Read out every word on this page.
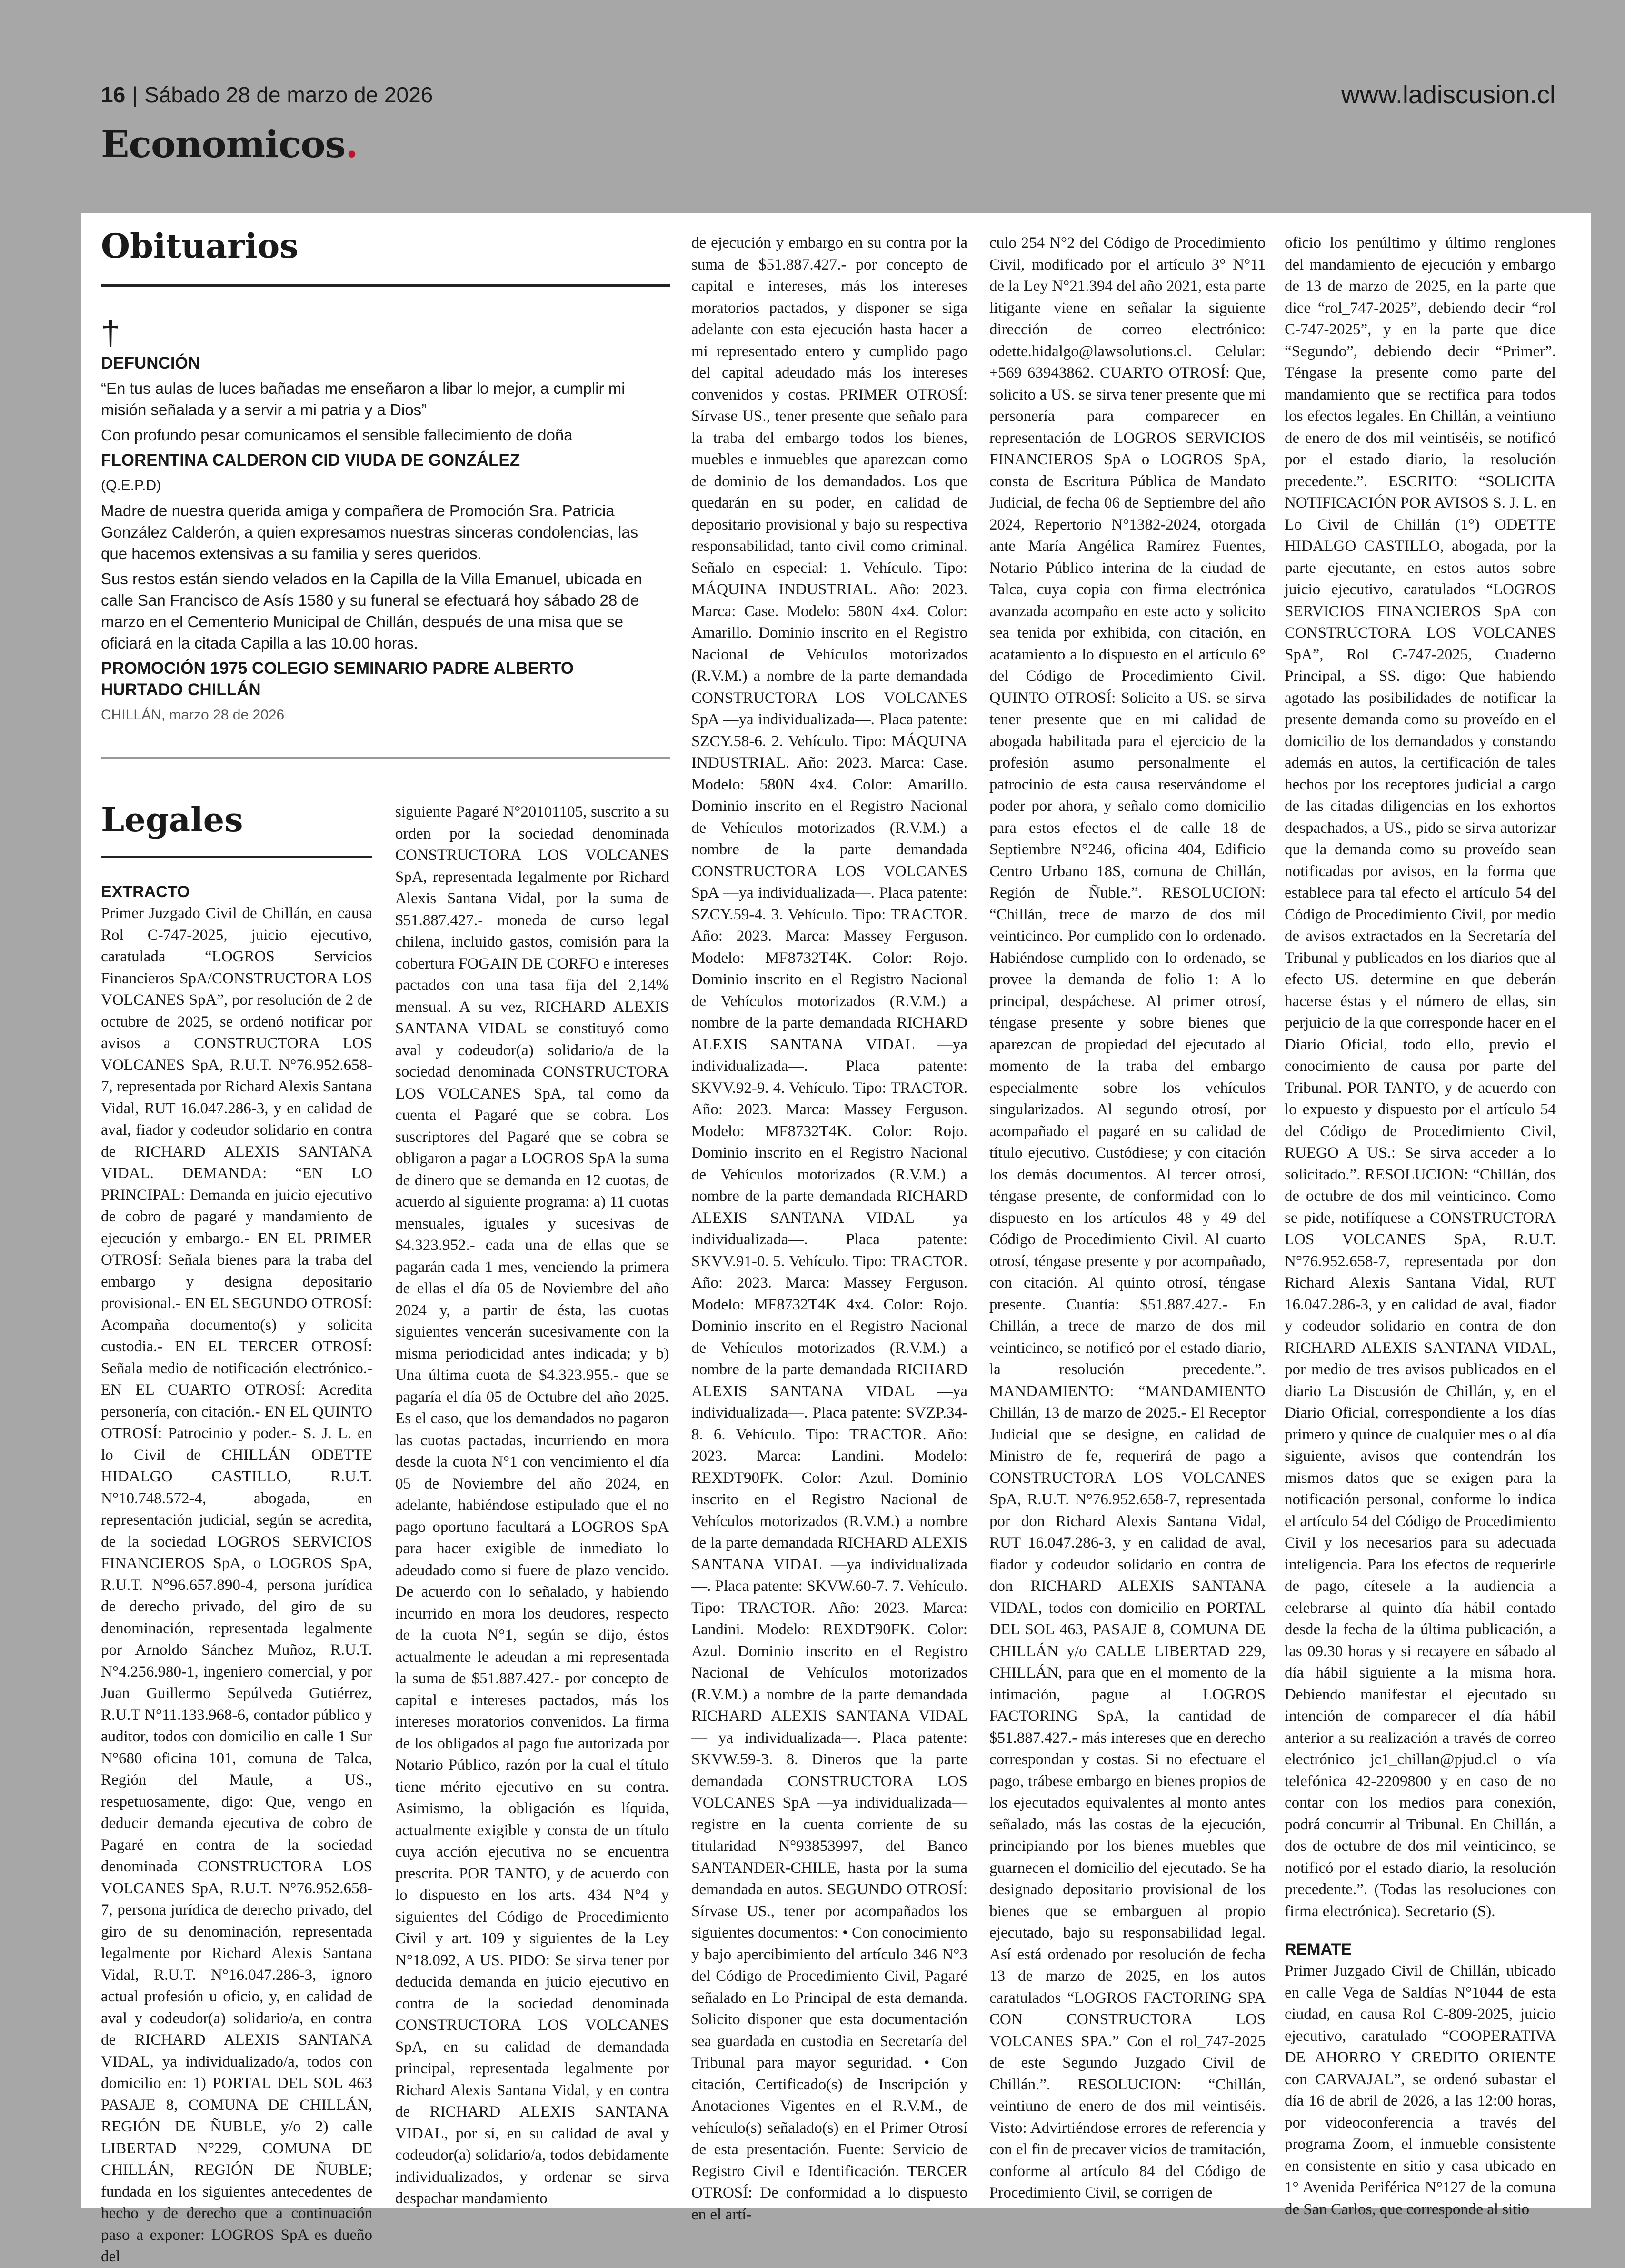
16 | Sábado 28 de marzo de 2026	www.ladiscusion.cl
Economicos.
Obituarios
†

DEFUNCIÓN

“En tus aulas de luces bañadas me enseñaron a libar lo mejor, a cumplir mi misión señalada y a servir a mi patria y a Dios”

Con profundo pesar comunicamos el sensible fallecimiento de doña

FLORENTINA CALDERON CID VIUDA DE GONZÁLEZ

(Q.E.P.D)

Madre de nuestra querida amiga y compañera de Promoción Sra. Patricia González Calderón, a quien expresamos nuestras sinceras condolencias, las que hacemos extensivas a su familia y seres queridos.

Sus restos están siendo velados en la Capilla de la Villa Emanuel, ubicada en calle San Francisco de Asís 1580 y su funeral se efectuará hoy sábado 28 de marzo en el Cementerio Municipal de Chillán, después de una misa que se oficiará en la citada Capilla a las 10.00 horas.

PROMOCIÓN 1975 COLEGIO SEMINARIO PADRE ALBERTO HURTADO CHILLÁN

CHILLÁN, marzo 28 de 2026

Legales

EXTRACTO

Primer Juzgado Civil de Chillán, en causa Rol C-747-2025, juicio ejecutivo, caratulada “LOGROS Servicios Financieros SpA/CONSTRUCTORA LOS VOLCANES SpA”, por resolución de 2 de octubre de 2025, se ordenó notificar por avisos a CONSTRUCTORA LOS VOLCANES SpA, R.U.T. N°76.952.658-7, representada por Richard Alexis Santana Vidal, RUT 16.047.286-3, y en calidad de aval, fiador y codeudor solidario en contra de RICHARD ALEXIS SANTANA VIDAL. DEMANDA: “EN LO PRINCIPAL: Demanda en juicio ejecutivo de cobro de pagaré y mandamiento de ejecución y embargo.- EN EL PRIMER OTROSÍ: Señala bienes para la traba del embargo y designa depositario provisional.- EN EL SEGUNDO OTROSÍ: Acompaña documento(s) y solicita custodia.- EN EL TERCER OTROSÍ: Señala medio de notificación electrónico.- EN EL CUARTO OTROSÍ: Acredita personería, con citación.- EN EL QUINTO OTROSÍ: Patrocinio y poder.- S. J. L. en lo Civil de CHILLÁN ODETTE HIDALGO CASTILLO, R.U.T. N°10.748.572-4, abogada, en representación judicial, según se acredita, de la sociedad LOGROS SERVICIOS FINANCIEROS SpA, o LOGROS SpA, R.U.T. N°96.657.890-4, persona jurídica de derecho privado, del giro de su denominación, representada legalmente por Arnoldo Sánchez Muñoz, R.U.T. N°4.256.980-1, ingeniero comercial, y por Juan Guillermo Sepúlveda Gutiérrez, R.U.T N°11.133.968-6, contador público y auditor, todos con domicilio en calle 1 Sur N°680 oficina 101, comuna de Talca, Región del Maule, a US., respetuosamente, digo: Que, vengo en deducir demanda ejecutiva de cobro de Pagaré en contra de la sociedad denominada CONSTRUCTORA LOS VOLCANES SpA, R.U.T. N°76.952.658-7, persona jurídica de derecho privado, del giro de su denominación, representada legalmente por Richard Alexis Santana Vidal, R.U.T. N°16.047.286-3, ignoro actual profesión u oficio, y, en calidad de aval y codeudor(a) solidario/a, en contra de RICHARD ALEXIS SANTANA VIDAL, ya individualizado/a, todos con domicilio en: 1) PORTAL DEL SOL 463 PASAJE 8, COMUNA DE CHILLÁN, REGIÓN DE ÑUBLE, y/o 2) calle LIBERTAD N°229, COMUNA DE CHILLÁN, REGIÓN DE ÑUBLE; fundada en los siguientes antecedentes de hecho y de derecho que a continuación paso a exponer: LOGROS SpA es dueño del

siguiente Pagaré N°20101105, suscrito a su orden por la sociedad denominada CONSTRUCTORA LOS VOLCANES SpA, representada legalmente por Richard Alexis Santana Vidal, por la suma de $51.887.427.- moneda de curso legal chilena, incluido gastos, comisión para la cobertura FOGAIN DE CORFO e intereses pactados con una tasa fija del 2,14% mensual. A su vez, RICHARD ALEXIS SANTANA VIDAL se constituyó como aval y codeudor(a) solidario/a de la sociedad denominada CONSTRUCTORA LOS VOLCANES SpA, tal como da cuenta el Pagaré que se cobra. Los suscriptores del Pagaré que se cobra se obligaron a pagar a LOGROS SpA la suma de dinero que se demanda en 12 cuotas, de acuerdo al siguiente programa: a) 11 cuotas mensuales, iguales y sucesivas de $4.323.952.- cada una de ellas que se pagarán cada 1 mes, venciendo la primera de ellas el día 05 de Noviembre del año 2024 y, a partir de ésta, las cuotas siguientes vencerán sucesivamente con la misma periodicidad antes indicada; y b) Una última cuota de $4.323.955.- que se pagaría el día 05 de Octubre del año 2025. Es el caso, que los demandados no pagaron las cuotas pactadas, incurriendo en mora desde la cuota N°1 con vencimiento el día 05 de Noviembre del año 2024, en adelante, habiéndose estipulado que el no pago oportuno facultará a LOGROS SpA para hacer exigible de inmediato lo adeudado como si fuere de plazo vencido. De acuerdo con lo señalado, y habiendo incurrido en mora los deudores, respecto de la cuota N°1, según se dijo, éstos actualmente le adeudan a mi representada la suma de $51.887.427.- por concepto de capital e intereses pactados, más los intereses moratorios convenidos. La firma de los obligados al pago fue autorizada por Notario Público, razón por la cual el título tiene mérito ejecutivo en su contra. Asimismo, la obligación es líquida, actualmente exigible y consta de un título cuya acción ejecutiva no se encuentra prescrita. POR TANTO, y de acuerdo con lo dispuesto en los arts. 434 N°4 y siguientes del Código de Procedimiento Civil y art. 109 y siguientes de la Ley N°18.092, A US. PIDO: Se sirva tener por deducida demanda en juicio ejecutivo en contra de la sociedad denominada CONSTRUCTORA LOS VOLCANES SpA, en su calidad de demandada principal, representada legalmente por Richard Alexis Santana Vidal, y en contra de RICHARD ALEXIS SANTANA VIDAL, por sí, en su calidad de aval y codeudor(a) solidario/a, todos debidamente individualizados, y ordenar se sirva despachar mandamiento

de ejecución y embargo en su contra por la suma de $51.887.427.- por concepto de capital e intereses, más los intereses moratorios pactados, y disponer se siga adelante con esta ejecución hasta hacer a mi representado entero y cumplido pago del capital adeudado más los intereses convenidos y costas. PRIMER OTROSÍ: Sírvase US., tener presente que señalo para la traba del embargo todos los bienes, muebles e inmuebles que aparezcan como de dominio de los demandados. Los que quedarán en su poder, en calidad de depositario provisional y bajo su respectiva responsabilidad, tanto civil como criminal. Señalo en especial: 1. Vehículo. Tipo: MÁQUINA INDUSTRIAL. Año: 2023. Marca: Case. Modelo: 580N 4x4. Color: Amarillo. Dominio inscrito en el Registro Nacional de Vehículos motorizados (R.V.M.) a nombre de la parte demandada CONSTRUCTORA LOS VOLCANES SpA —ya individualizada—. Placa patente: SZCY.58-6. 2. Vehículo. Tipo: MÁQUINA INDUSTRIAL. Año: 2023. Marca: Case. Modelo: 580N 4x4. Color: Amarillo. Dominio inscrito en el Registro Nacional de Vehículos motorizados (R.V.M.) a nombre de la parte demandada CONSTRUCTORA LOS VOLCANES SpA —ya individualizada—. Placa patente: SZCY.59-4. 3. Vehículo. Tipo: TRACTOR. Año: 2023. Marca: Massey Ferguson. Modelo: MF8732T4K. Color: Rojo. Dominio inscrito en el Registro Nacional de Vehículos motorizados (R.V.M.) a nombre de la parte demandada RICHARD ALEXIS SANTANA VIDAL —ya individualizada—. Placa patente: SKVV.92-9. 4. Vehículo. Tipo: TRACTOR. Año: 2023. Marca: Massey Ferguson. Modelo: MF8732T4K. Color: Rojo. Dominio inscrito en el Registro Nacional de Vehículos motorizados (R.V.M.) a nombre de la parte demandada RICHARD ALEXIS SANTANA VIDAL —ya individualizada—. Placa patente: SKVV.91-0. 5. Vehículo. Tipo: TRACTOR. Año: 2023. Marca: Massey Ferguson. Modelo: MF8732T4K 4x4. Color: Rojo. Dominio inscrito en el Registro Nacional de Vehículos motorizados (R.V.M.) a nombre de la parte demandada RICHARD ALEXIS SANTANA VIDAL —ya individualizada—. Placa patente: SVZP.34-8. 6. Vehículo. Tipo: TRACTOR. Año: 2023. Marca: Landini. Modelo: REXDT90FK. Color: Azul. Dominio inscrito en el Registro Nacional de Vehículos motorizados (R.V.M.) a nombre de la parte demandada RICHARD ALEXIS SANTANA VIDAL —ya individualizada—. Placa patente: SKVW.60-7. 7. Vehículo. Tipo: TRACTOR. Año: 2023. Marca: Landini. Modelo: REXDT90FK. Color: Azul. Dominio inscrito en el Registro Nacional de Vehículos motorizados (R.V.M.) a nombre de la parte demandada RICHARD ALEXIS SANTANA VIDAL — ya individualizada—. Placa patente: SKVW.59-3. 8. Dineros que la parte demandada CONSTRUCTORA LOS VOLCANES SpA —ya individualizada— registre en la cuenta corriente de su titularidad N°93853997, del Banco SANTANDER-CHILE, hasta por la suma demandada en autos. SEGUNDO OTROSÍ: Sírvase US., tener por acompañados los siguientes documentos: • Con conocimiento y bajo apercibimiento del artículo 346 N°3 del Código de Procedimiento Civil, Pagaré señalado en Lo Principal de esta demanda. Solicito disponer que esta documentación sea guardada en custodia en Secretaría del Tribunal para mayor seguridad. • Con citación, Certificado(s) de Inscripción y Anotaciones Vigentes en el R.V.M., de vehículo(s) señalado(s) en el Primer Otrosí de esta presentación. Fuente: Servicio de Registro Civil e Identificación. TERCER OTROSÍ: De conformidad a lo dispuesto en el artí-

culo 254 N°2 del Código de Procedimiento Civil, modificado por el artículo 3° N°11 de la Ley N°21.394 del año 2021, esta parte litigante viene en señalar la siguiente dirección de correo electrónico: odette.hidalgo@lawsolutions.cl. Celular: +569 63943862. CUARTO OTROSÍ: Que, solicito a US. se sirva tener presente que mi personería para comparecer en representación de LOGROS SERVICIOS FINANCIEROS SpA o LOGROS SpA, consta de Escritura Pública de Mandato Judicial, de fecha 06 de Septiembre del año 2024, Repertorio N°1382-2024, otorgada ante María Angélica Ramírez Fuentes, Notario Público interina de la ciudad de Talca, cuya copia con firma electrónica avanzada acompaño en este acto y solicito sea tenida por exhibida, con citación, en acatamiento a lo dispuesto en el artículo 6° del Código de Procedimiento Civil. QUINTO OTROSÍ: Solicito a US. se sirva tener presente que en mi calidad de abogada habilitada para el ejercicio de la profesión asumo personalmente el patrocinio de esta causa reservándome el poder por ahora, y señalo como domicilio para estos efectos el de calle 18 de Septiembre N°246, oficina 404, Edificio Centro Urbano 18S, comuna de Chillán, Región de Ñuble.”. RESOLUCION: “Chillán, trece de marzo de dos mil veinticinco. Por cumplido con lo ordenado. Habiéndose cumplido con lo ordenado, se provee la demanda de folio 1: A lo principal, despáchese. Al primer otrosí, téngase presente y sobre bienes que aparezcan de propiedad del ejecutado al momento de la traba del embargo especialmente sobre los vehículos singularizados. Al segundo otrosí, por acompañado el pagaré en su calidad de título ejecutivo. Custódiese; y con citación los demás documentos. Al tercer otrosí, téngase presente, de conformidad con lo dispuesto en los artículos 48 y 49 del Código de Procedimiento Civil. Al cuarto otrosí, téngase presente y por acompañado, con citación. Al quinto otrosí, téngase presente. Cuantía: $51.887.427.- En Chillán, a trece de marzo de dos mil veinticinco, se notificó por el estado diario, la resolución precedente.”. MANDAMIENTO: “MANDAMIENTO Chillán, 13 de marzo de 2025.- El Receptor Judicial que se designe, en calidad de Ministro de fe, requerirá de pago a CONSTRUCTORA LOS VOLCANES SpA, R.U.T. N°76.952.658-7, representada por don Richard Alexis Santana Vidal, RUT 16.047.286-3, y en calidad de aval, fiador y codeudor solidario en contra de don RICHARD ALEXIS SANTANA VIDAL, todos con domicilio en PORTAL DEL SOL 463, PASAJE 8, COMUNA DE CHILLÁN y/o CALLE LIBERTAD 229, CHILLÁN, para que en el momento de la intimación, pague al LOGROS FACTORING SpA, la cantidad de $51.887.427.- más intereses que en derecho correspondan y costas. Si no efectuare el pago, trábese embargo en bienes propios de los ejecutados equivalentes al monto antes señalado, más las costas de la ejecución, principiando por los bienes muebles que guarnecen el domicilio del ejecutado. Se ha designado depositario provisional de los bienes que se embarguen al propio ejecutado, bajo su responsabilidad legal. Así está ordenado por resolución de fecha 13 de marzo de 2025, en los autos caratulados “LOGROS FACTORING SPA CON CONSTRUCTORA LOS VOLCANES SPA.” Con el rol_747-2025 de este Segundo Juzgado Civil de Chillán.”. RESOLUCION: “Chillán, veintiuno de enero de dos mil veintiséis. Visto: Advirtiéndose errores de referencia y con el fin de precaver vicios de tramitación, conforme al artículo 84 del Código de Procedimiento Civil, se corrigen de

oficio los penúltimo y último renglones del mandamiento de ejecución y embargo de 13 de marzo de 2025, en la parte que dice “rol_747-2025”, debiendo decir “rol C-747-2025”, y en la parte que dice “Segundo”, debiendo decir “Primer”. Téngase la presente como parte del mandamiento que se rectifica para todos los efectos legales. En Chillán, a veintiuno de enero de dos mil veintiséis, se notificó por el estado diario, la resolución precedente.”. ESCRITO: “SOLICITA NOTIFICACIÓN POR AVISOS S. J. L. en Lo Civil de Chillán (1°) ODETTE HIDALGO CASTILLO, abogada, por la parte ejecutante, en estos autos sobre juicio ejecutivo, caratulados “LOGROS SERVICIOS FINANCIEROS SpA con CONSTRUCTORA LOS VOLCANES SpA”, Rol C-747-2025, Cuaderno Principal, a SS. digo: Que habiendo agotado las posibilidades de notificar la presente demanda como su proveído en el domicilio de los demandados y constando además en autos, la certificación de tales hechos por los receptores judicial a cargo de las citadas diligencias en los exhortos despachados, a US., pido se sirva autorizar que la demanda como su proveído sean notificadas por avisos, en la forma que establece para tal efecto el artículo 54 del Código de Procedimiento Civil, por medio de avisos extractados en la Secretaría del Tribunal y publicados en los diarios que al efecto US. determine en que deberán hacerse éstas y el número de ellas, sin perjuicio de la que corresponde hacer en el Diario Oficial, todo ello, previo el conocimiento de causa por parte del Tribunal. POR TANTO, y de acuerdo con lo expuesto y dispuesto por el artículo 54 del Código de Procedimiento Civil, RUEGO A US.: Se sirva acceder a lo solicitado.”. RESOLUCION: “Chillán, dos de octubre de dos mil veinticinco. Como se pide, notifíquese a CONSTRUCTORA LOS VOLCANES SpA, R.U.T. N°76.952.658-7, representada por don Richard Alexis Santana Vidal, RUT 16.047.286-3, y en calidad de aval, fiador y codeudor solidario en contra de don RICHARD ALEXIS SANTANA VIDAL, por medio de tres avisos publicados en el diario La Discusión de Chillán, y, en el Diario Oficial, correspondiente a los días primero y quince de cualquier mes o al día siguiente, avisos que contendrán los mismos datos que se exigen para la notificación personal, conforme lo indica el artículo 54 del Código de Procedimiento Civil y los necesarios para su adecuada inteligencia. Para los efectos de requerirle de pago, cítesele a la audiencia a celebrarse al quinto día hábil contado desde la fecha de la última publicación, a las 09.30 horas y si recayere en sábado al día hábil siguiente a la misma hora. Debiendo manifestar el ejecutado su intención de comparecer el día hábil anterior a su realización a través de correo electrónico jc1_chillan@pjud.cl o vía telefónica 42-2209800 y en caso de no contar con los medios para conexión, podrá concurrir al Tribunal. En Chillán, a dos de octubre de dos mil veinticinco, se notificó por el estado diario, la resolución precedente.”. (Todas las resoluciones con firma electrónica). Secretario (S).

REMATE

Primer Juzgado Civil de Chillán, ubicado en calle Vega de Saldías N°1044 de esta ciudad, en causa Rol C-809-2025, juicio ejecutivo, caratulado “COOPERATIVA DE AHORRO Y CREDITO ORIENTE con CARVAJAL”, se ordenó subastar el día 16 de abril de 2026, a las 12:00 horas, por videoconferencia a través del programa Zoom, el inmueble consistente en consistente en sitio y casa ubicado en 1° Avenida Periférica N°127 de la comuna de San Carlos, que corresponde al sitio
